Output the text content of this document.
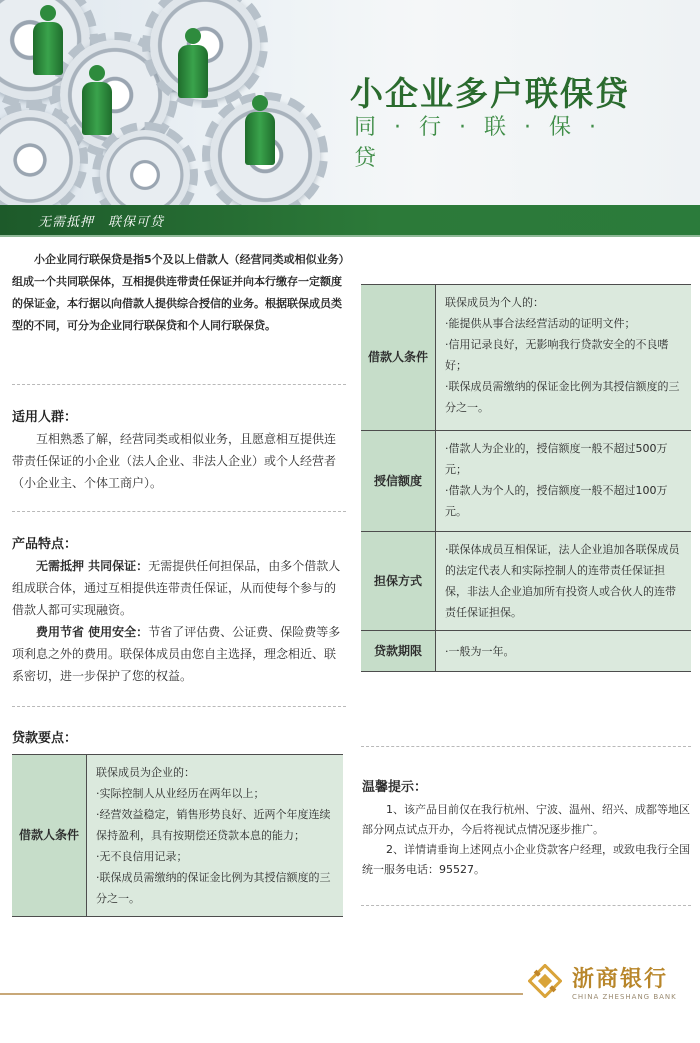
小企业多户联保贷
同·行·联·保·贷
无需抵押　联保可贷
小企业同行联保贷是指5个及以上借款人（经营同类或相似业务）组成一个共同联保体，互相提供连带责任保证并向本行缴存一定额度的保证金，本行据以向借款人提供综合授信的业务。根据联保成员类型的不同，可分为企业同行联保贷和个人同行联保贷。
适用人群：

互相熟悉了解，经营同类或相似业务，且愿意相互提供连带责任保证的小企业（法人企业、非法人企业）或个人经营者（小企业主、个体工商户）。

产品特点：

无需抵押 共同保证：无需提供任何担保品，由多个借款人组成联合体，通过互相提供连带责任保证，从而使每个参与的借款人都可实现融资。

费用节省 使用安全：节省了评估费、公证费、保险费等多项利息之外的费用。联保体成员由您自主选择，理念相近、联系密切，进一步保护了您的权益。

贷款要点：
借款人条件	
联保成员为企业的：
·实际控制人从业经历在两年以上；
·经营效益稳定，销售形势良好、近两个年度连续保持盈利，具有按期偿还贷款本息的能力；
·无不良信用记录；
·联保成员需缴纳的保证金比例为其授信额度的三分之一。
借款人条件	联保成员为个人的：
·能提供从事合法经营活动的证明文件；
·信用记录良好，无影响我行贷款安全的不良嗜好；
·联保成员需缴纳的保证金比例为其授信额度的三分之一。

授信额度	·借款人为企业的，授信额度一般不超过500万元；
·借款人为个人的，授信额度一般不超过100万元。

担保方式	·联保体成员互相保证，法人企业追加各联保成员的法定代表人和实际控制人的连带责任保证担保，非法人企业追加所有投资人或合伙人的连带责任保证担保。
贷款期限	·一般为一年。
温馨提示：

1、该产品目前仅在我行杭州、宁波、温州、绍兴、成都等地区部分网点试点开办，今后将视试点情况逐步推广。

2、详情请垂询上述网点小企业贷款客户经理，或致电我行全国统一服务电话：95527。

浙商银行
CHINA ZHESHANG BANK
